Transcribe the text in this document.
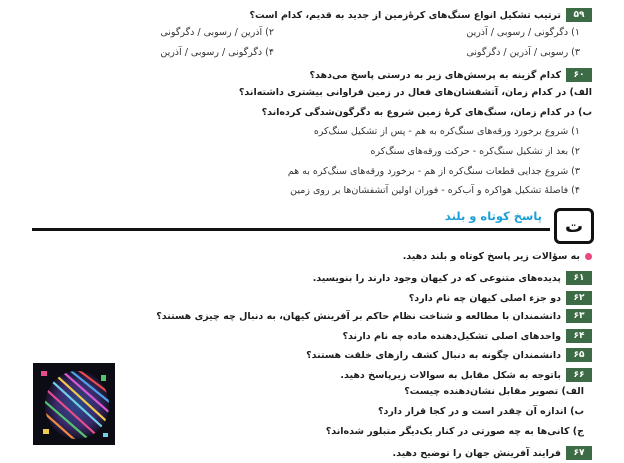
۵۹
ترتیب تشکیل انواع سنگ‌های کرهٔ‌زمین از جدید به قدیم، کدام است؟
۲) آذرین / رسوبی / دگرگونی	۱) دگرگونی / رسوبی / آذرین
۴) دگرگونی / رسوبی / آذرین	۳) رسوبی / آذرین / دگرگونی
۶۰
کدام گزینه به پرسش‌های زیر به درستی پاسخ می‌دهد؟
الف) در کدام زمان، آتشفشان‌های فعال در زمین فراوانی بیشتری داشته‌اند؟
ب) در کدام زمان، سنگ‌های کرهٔ زمین شروع به دگرگون‌شدگی کرده‌اند؟
۱) شروع برخورد ورقه‌های سنگ‌کره به هم - پس از تشکیل سنگ‌کره
۲) بعد از تشکیل سنگ‌کره - حرکت ورقه‌های سنگ‌کره
۳) شروع جدایی قطعات سنگ‌کره از هم - برخورد ورقه‌های سنگ‌کره به هم
۴) فاصلهٔ تشکیل هواکره و آب‌کره - فوران اولین آتشفشان‌ها بر روی زمین
ت
پاسخ کوتاه و بلند
به سؤالات زیر پاسخ کوتاه و بلند دهید.
۶۱
پدیده‌های متنوعی که در کیهان وجود دارند را بنویسید.
۶۲
دو جزء اصلی کیهان چه نام دارد؟
۶۳
دانشمندان با مطالعه و شناخت نظام حاکم بر آفرینش کیهان، به دنبال چه چیزی هستند؟
۶۴
واحدهای اصلی تشکیل‌دهنده ماده چه نام دارند؟
۶۵
دانشمندان چگونه به دنبال کشف رازهای خلقت هستند؟
۶۶
باتوجه به شکل مقابل به سوالات زیرپاسخ دهید.
الف) تصویر مقابل نشان‌دهنده چیست؟
ب) اندازه آن چقدر است و در کجا قرار دارد؟
ج) کانی‌ها به چه صورتی در کنار یک‌دیگر متبلور شده‌اند؟
۶۷
فرایند آفرینش جهان را توضیح دهید.
